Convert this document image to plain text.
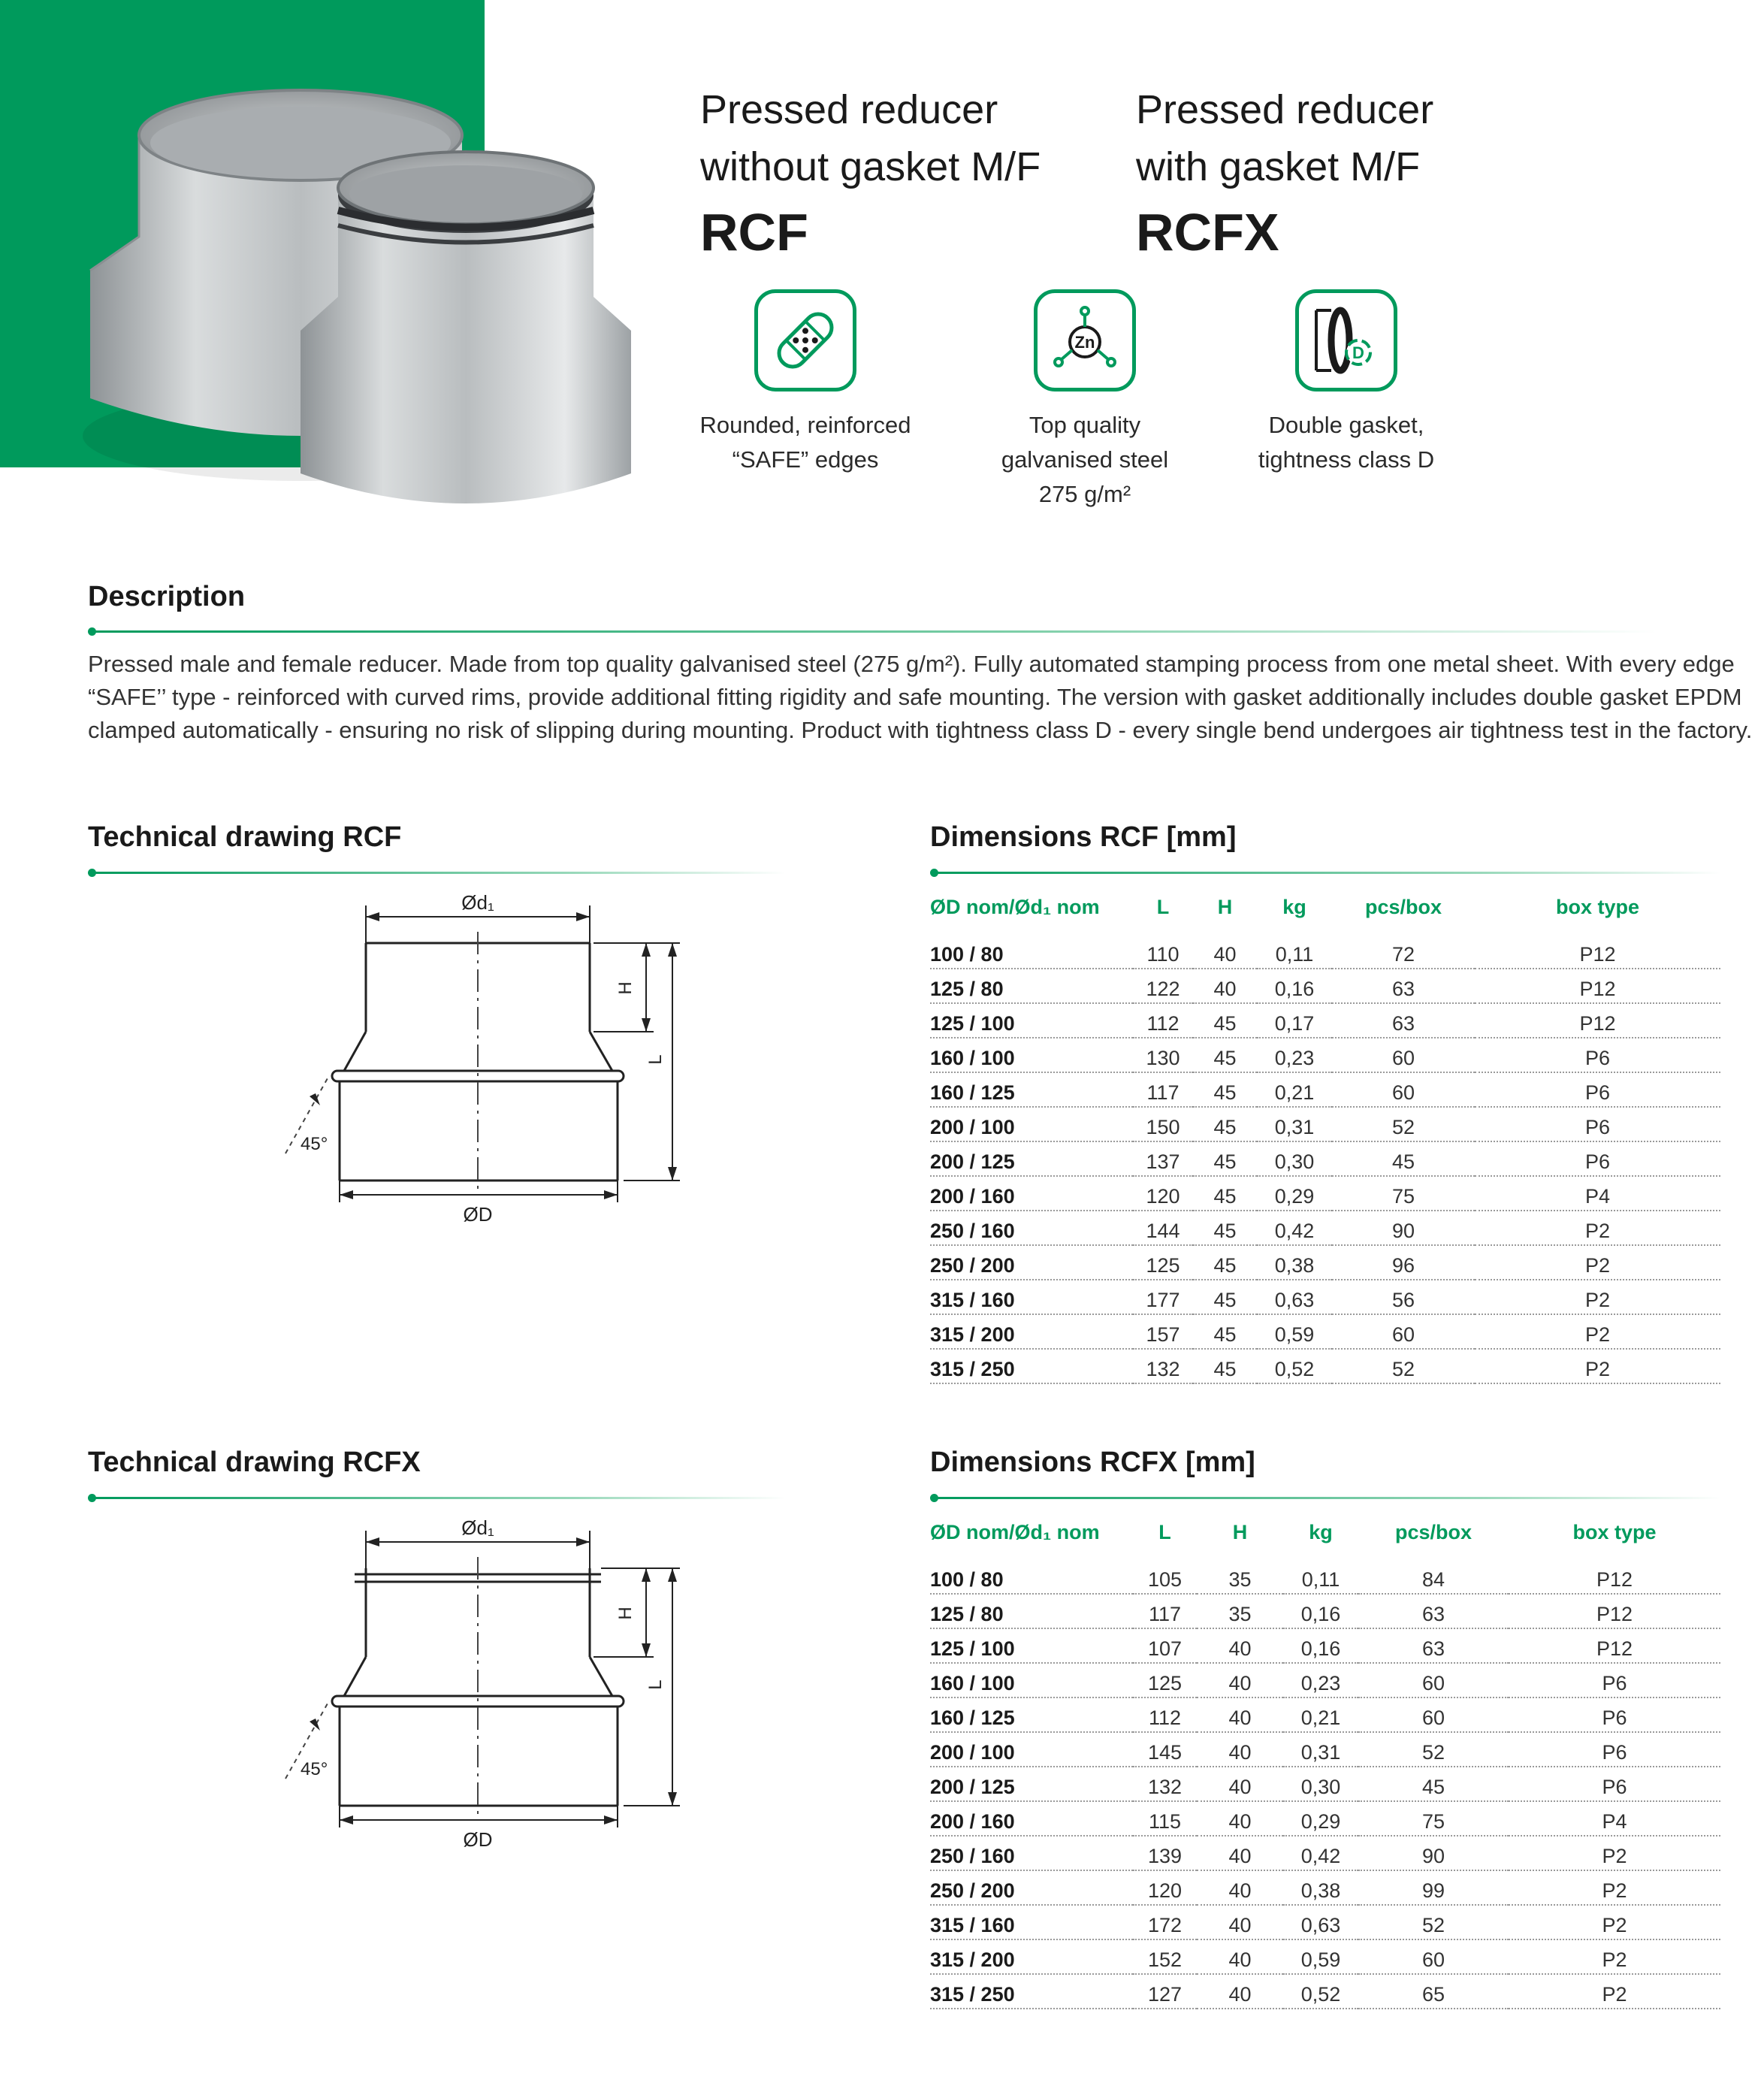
Pressed reducer
without gasket M/F
RCF
Pressed reducer
with gasket M/F
RCFX
Rounded, reinforced
“SAFE” edges
Zn
Top quality
galvanised steel
275 g/m²
D
Double gasket,
tightness class D
Description
Pressed male and female reducer. Made from top quality galvanised steel (275 g/m²). Fully automated stamping process from one metal sheet. With every edge
“SAFE’’ type - reinforced with curved rims, provide additional fitting rigidity and safe mounting. The version with gasket additionally includes double gasket EPDM
clamped automatically - ensuring no risk of slipping during mounting. Product with tightness class D - every single bend undergoes air tightness test in the factory.
Technical drawing RCF
Ød₁
ØD
H
L
45°
Dimensions RCF [mm]
ØD nom/Ød₁ nom	L	H	kg	pcs/box	box type

100 / 80	110	40	0,11	72	P12
125 / 80	122	40	0,16	63	P12
125 / 100	112	45	0,17	63	P12
160 / 100	130	45	0,23	60	P6
160 / 125	117	45	0,21	60	P6
200 / 100	150	45	0,31	52	P6
200 / 125	137	45	0,30	45	P6
200 / 160	120	45	0,29	75	P4
250 / 160	144	45	0,42	90	P2
250 / 200	125	45	0,38	96	P2
315 / 160	177	45	0,63	56	P2
315 / 200	157	45	0,59	60	P2
315 / 250	132	45	0,52	52	P2
Technical drawing RCFX
Ød₁
ØD
H
L
45°
Dimensions RCFX [mm]
ØD nom/Ød₁ nom	L	H	kg	pcs/box	box type

100 / 80	105	35	0,11	84	P12
125 / 80	117	35	0,16	63	P12
125 / 100	107	40	0,16	63	P12
160 / 100	125	40	0,23	60	P6
160 / 125	112	40	0,21	60	P6
200 / 100	145	40	0,31	52	P6
200 / 125	132	40	0,30	45	P6
200 / 160	115	40	0,29	75	P4
250 / 160	139	40	0,42	90	P2
250 / 200	120	40	0,38	99	P2
315 / 160	172	40	0,63	52	P2
315 / 200	152	40	0,59	60	P2
315 / 250	127	40	0,52	65	P2
